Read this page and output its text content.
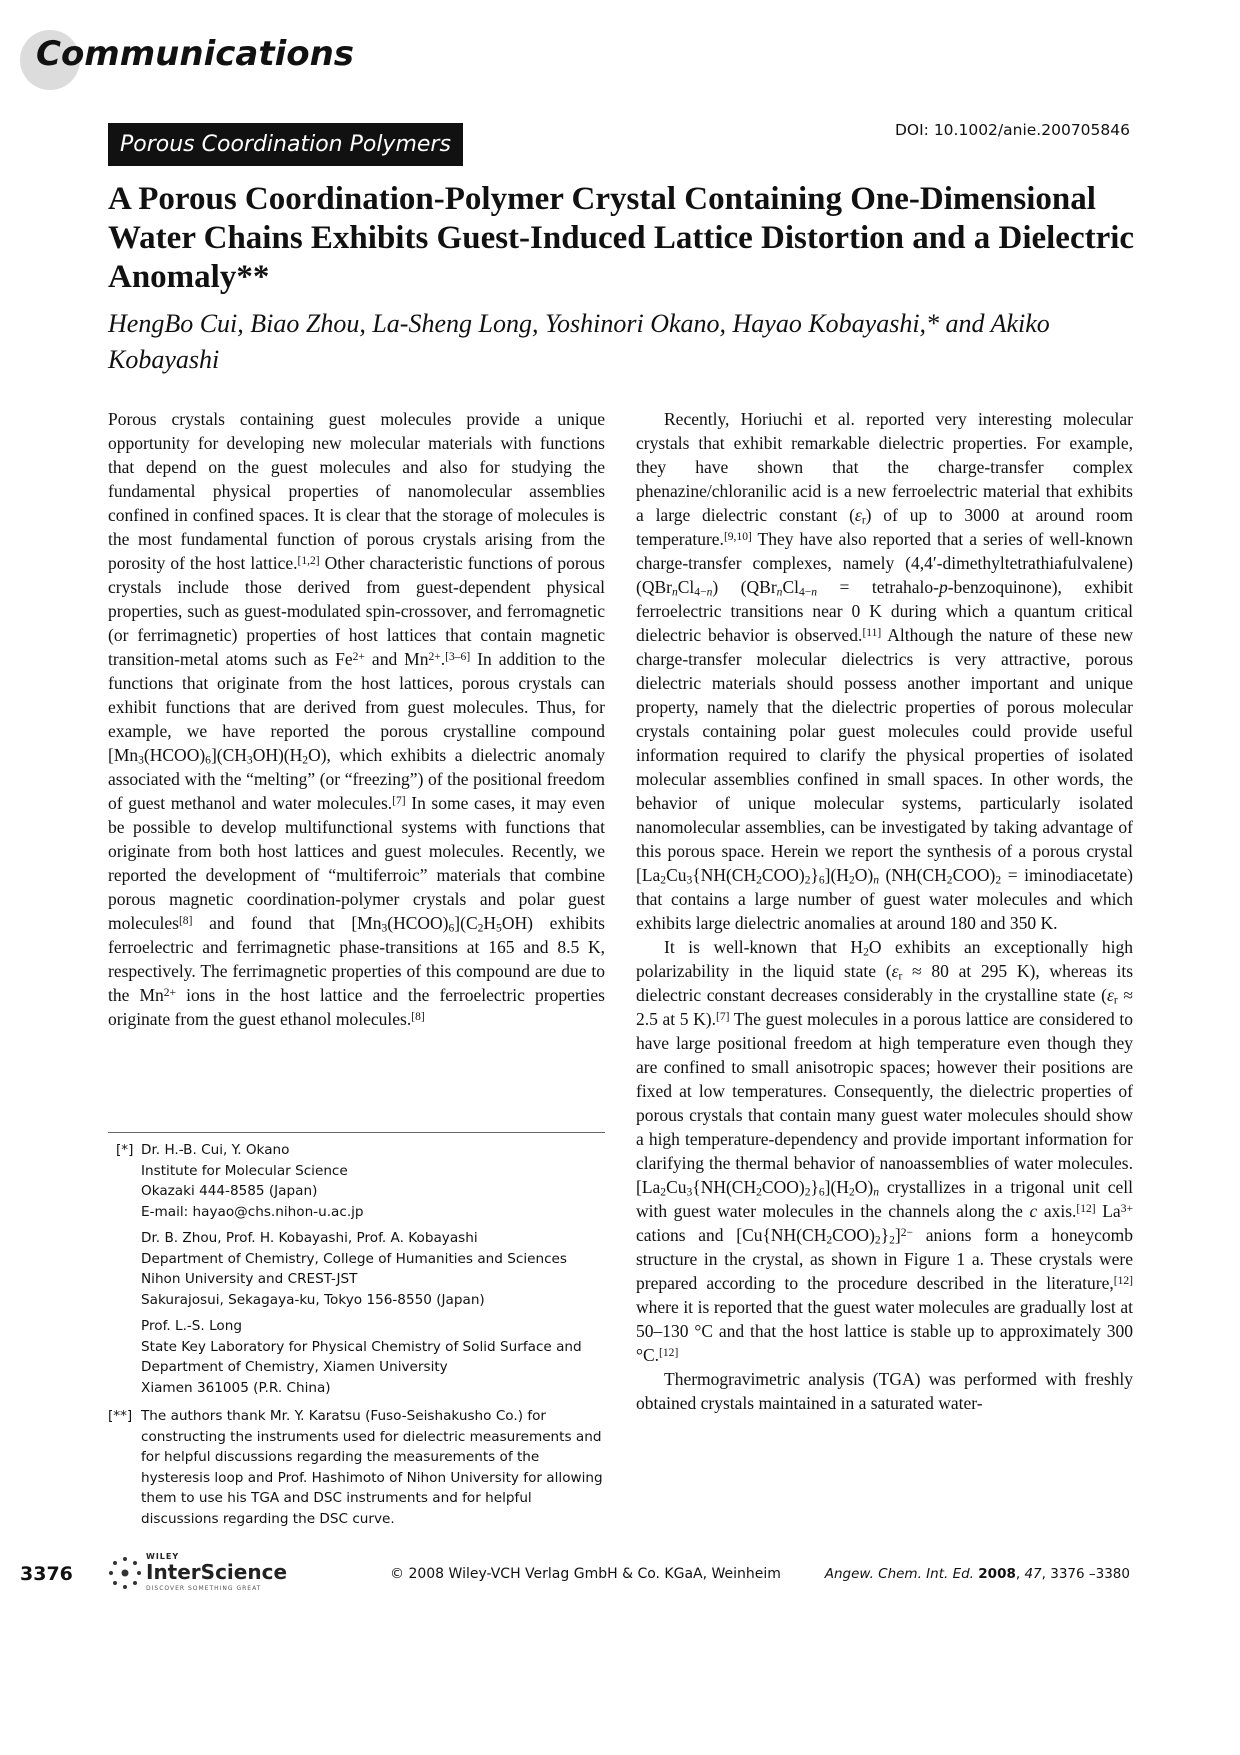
Communications
Porous Coordination Polymers
DOI: 10.1002/anie.200705846
A Porous Coordination-Polymer Crystal Containing One-Dimensional Water Chains Exhibits Guest-Induced Lattice Distortion and a Dielectric Anomaly**

HengBo Cui, Biao Zhou, La-Sheng Long, Yoshinori Okano, Hayao Kobayashi,* and Akiko Kobayashi

Porous crystals containing guest molecules provide a unique opportunity for developing new molecular materials with functions that depend on the guest molecules and also for studying the fundamental physical properties of nanomolecular assemblies confined in confined spaces. It is clear that the storage of molecules is the most fundamental function of porous crystals arising from the porosity of the host lattice.[1,2] Other characteristic functions of porous crystals include those derived from guest-dependent physical properties, such as guest-modulated spin-crossover, and ferromagnetic (or ferrimagnetic) properties of host lattices that contain magnetic transition-metal atoms such as $Fe^{2+}$ and $Mn^{2+}.[3-6]$ In addition to the functions that originate from the host lattices, porous crystals can exhibit functions that are derived from guest molecules. Thus, for example, we have reported the porous crystalline compound $[Mn_3(HCOO)_6](CH_3OH)(H_2O)$, which exhibits a dielectric anomaly associated with the “melting” (or “freezing”) of the positional freedom of guest methanol and water molecules.[7] In some cases, it may even be possible to develop multifunctional systems with functions that originate from both host lattices and guest molecules. Recently, we reported the development of “multiferroic” materials that combine porous magnetic coordination-polymer crystals and polar guest molecules[8] and found that $[Mn_3(HCOO)_6](C_2H_5OH)$ exhibits ferroelectric and ferrimagnetic phase-transitions at 165 and 8.5 K, respectively. The ferrimagnetic properties of this compound are due to the $Mn^{2+}$ ions in the host lattice and the ferroelectric properties originate from the guest ethanol molecules.[8]

Recently, Horiuchi et al. reported very interesting molecular crystals that exhibit remarkable dielectric properties. For example, they have shown that the charge-transfer complex phenazine/chloranilic acid is a new ferroelectric material that exhibits a large dielectric constant $(\varepsilon_r)$ of up to 3000 at around room temperature.[9,10] They have also reported that a series of well-known charge-transfer complexes, namely $(4,4'-dimethyltetrathiafulvalene)(QBr_nCl_{4-n}) (QBr_nCl_{4-n}$ = tetrahalo-p-benzoquinone), exhibit ferroelectric transitions near 0 K during which a quantum critical dielectric behavior is observed.[11] Although the nature of these new charge-transfer molecular dielectrics is very attractive, porous dielectric materials should possess another important and unique property, namely that the dielectric properties of porous molecular crystals containing polar guest molecules could provide useful information required to clarify the physical properties of isolated molecular assemblies confined in small spaces. In other words, the behavior of unique molecular systems, particularly isolated nanomolecular assemblies, can be investigated by taking advantage of this porous space. Herein we report the synthesis of a porous crystal $[La_2Cu_3\{NH(CH_2COO)_2\}_6](H_2O)_n$ ($NH(CH_2COO)_2$ = iminodiacetate) that contains a large number of guest water molecules and which exhibits large dielectric anomalies at around 180 and 350 K.

It is well-known that $H_2O$ exhibits an exceptionally high polarizability in the liquid state ($\varepsilon_r \approx 80$ at 295 K), whereas its dielectric constant decreases considerably in the crystalline state ($\varepsilon_r \approx 2.5$ at 5 K).[7] The guest molecules in a porous lattice are considered to have large positional freedom at high temperature even though they are confined to small anisotropic spaces; however their positions are fixed at low temperatures. Consequently, the dielectric properties of porous crystals that contain many guest water molecules should show a high temperature-dependency and provide important information for clarifying the thermal behavior of nanoassemblies of water molecules. $[La_2Cu_3\{NH(CH_2COO)_2\}_6](H_2O)_n$ crystallizes in a trigonal unit cell with guest water molecules in the channels along the c axis.[12] $La^{3+}$ cations and $[Cu\{NH(CH_2COO)_2\}_2]^{2-}$ anions form a honeycomb structure in the crystal, as shown in Figure 1 a. These crystals were prepared according to the procedure described in the literature,[12] where it is reported that the guest water molecules are gradually lost at 50–130 °C and that the host lattice is stable up to approximately 300 °C.[12]

Thermogravimetric analysis (TGA) was performed with freshly obtained crystals maintained in a saturated water-

[*] Dr. H.-B. Cui, Y. Okano
Institute for Molecular Science
Okazaki 444-8585 (Japan)
E-mail: hayao@chs.nihon-u.ac.jp
Dr. B. Zhou, Prof. H. Kobayashi, Prof. A. Kobayashi
Department of Chemistry, College of Humanities and Sciences
Nihon University and CREST-JST
Sakurajosui, Sekagaya-ku, Tokyo 156-8550 (Japan)
Prof. L.-S. Long
State Key Laboratory for Physical Chemistry of Solid Surface and
Department of Chemistry, Xiamen University
Xiamen 361005 (P.R. China)
[**] The authors thank Mr. Y. Karatsu (Fuso-Seishakusho Co.) for constructing the instruments used for dielectric measurements and for helpful discussions regarding the measurements of the hysteresis loop and Prof. Hashimoto of Nihon University for allowing them to use his TGA and DSC instruments and for helpful discussions regarding the DSC curve.
3376
WILEY
InterScience
DISCOVER SOMETHING GREAT
© 2008 Wiley-VCH Verlag GmbH & Co. KGaA, Weinheim	Angew. Chem. Int. Ed. 2008, 47, 3376 –3380
